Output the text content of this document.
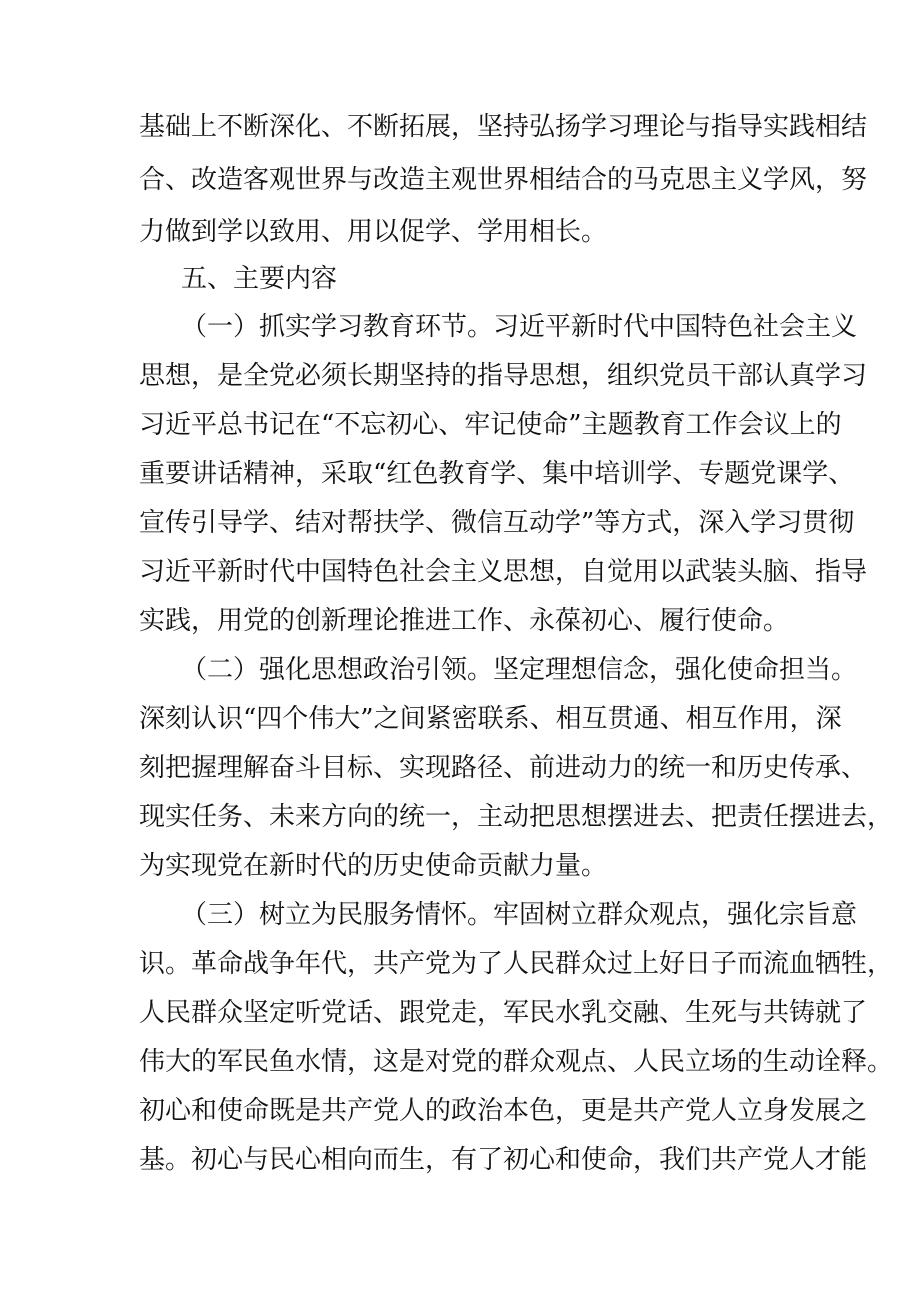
基础上不断深化、不断拓展，坚持弘扬学习理论与指导实践相结
合、改造客观世界与改造主观世界相结合的马克思主义学风，努
力做到学以致用、用以促学、学用相长。
五、主要内容
（一）抓实学习教育环节。习近平新时代中国特色社会主义
思想，是全党必须长期坚持的指导思想，组织党员干部认真学习
习近平总书记在“不忘初心、牢记使命”主题教育工作会议上的
重要讲话精神，采取“红色教育学、集中培训学、专题党课学、
宣传引导学、结对帮扶学、微信互动学”等方式，深入学习贯彻
习近平新时代中国特色社会主义思想，自觉用以武装头脑、指导
实践，用党的创新理论推进工作、永葆初心、履行使命。
（二）强化思想政治引领。坚定理想信念，强化使命担当。
深刻认识“四个伟大”之间紧密联系、相互贯通、相互作用，深
刻把握理解奋斗目标、实现路径、前进动力的统一和历史传承、
现实任务、未来方向的统一，主动把思想摆进去、把责任摆进去，
为实现党在新时代的历史使命贡献力量。
（三）树立为民服务情怀。牢固树立群众观点，强化宗旨意
识。革命战争年代，共产党为了人民群众过上好日子而流血牺牲，
人民群众坚定听党话、跟党走，军民水乳交融、生死与共铸就了
伟大的军民鱼水情，这是对党的群众观点、人民立场的生动诠释。
初心和使命既是共产党人的政治本色，更是共产党人立身发展之
基。初心与民心相向而生，有了初心和使命，我们共产党人才能
